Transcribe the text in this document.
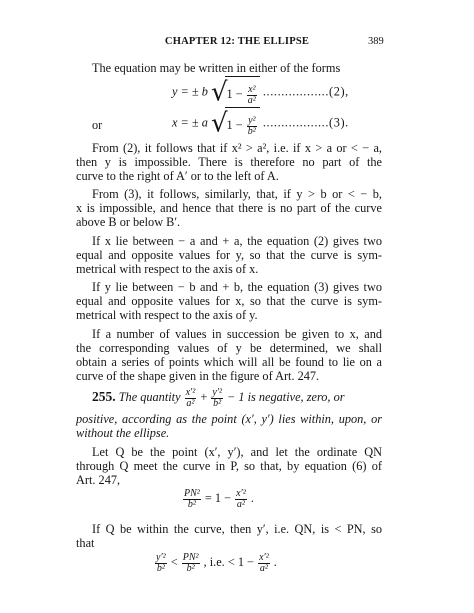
CHAPTER 12: THE ELLIPSE	389
The equation may be written in either of the forms
y = ± b $√1 - \frac{\text{x²}}{\text{a²}} ..................(2)$,
or	x = ± a $√1 - \frac{\text{y²}}{\text{b²}} ..................(3)$.
From (2), it follows that if x² > a², i.e. if x > a or < − a,
then y is impossible. There is therefore no part of the
curve to the right of A′ or to the left of A.
From (3), it follows, similarly, that, if y > b or < − b,
x is impossible, and hence that there is no part of the curve
above B or below B′.
If x lie between − a and + a, the equation (2) gives two
equal and opposite values for y, so that the curve is sym-
metrical with respect to the axis of x.
If y lie between − b and + b, the equation (3) gives two
equal and opposite values for x, so that the curve is sym-
metrical with respect to the axis of y.
If a number of values in succession be given to x, and
the corresponding values of y be determined, we shall
obtain a series of points which will all be found to lie on a
curve of the shape given in the figure of Art. 247.
255. The quantity $\frac{\text{x′²}}{\text{a²}} + \frac{\text{y′²}}{\text{b²}} - 1$ is negative, zero, or
positive, according as the point (x′, y′) lies within, upon, or
without the ellipse.
Let Q be the point (x′, y′), and let the ordinate QN
through Q meet the curve in P, so that, by equation (6) of
Art. 247,
$\frac{\text{PN²}}{\text{b²}} = 1 - \frac{\text{x′²}}{\text{a²}}$ .
If Q be within the curve, then y′, i.e. QN, is < PN, so
that
$\frac{\text{y′²}}{\text{b²}} < \frac{\text{PN²}}{\text{b²}}$ , i.e. < $1 - \frac{\text{x′²}}{\text{a²}}$ .
